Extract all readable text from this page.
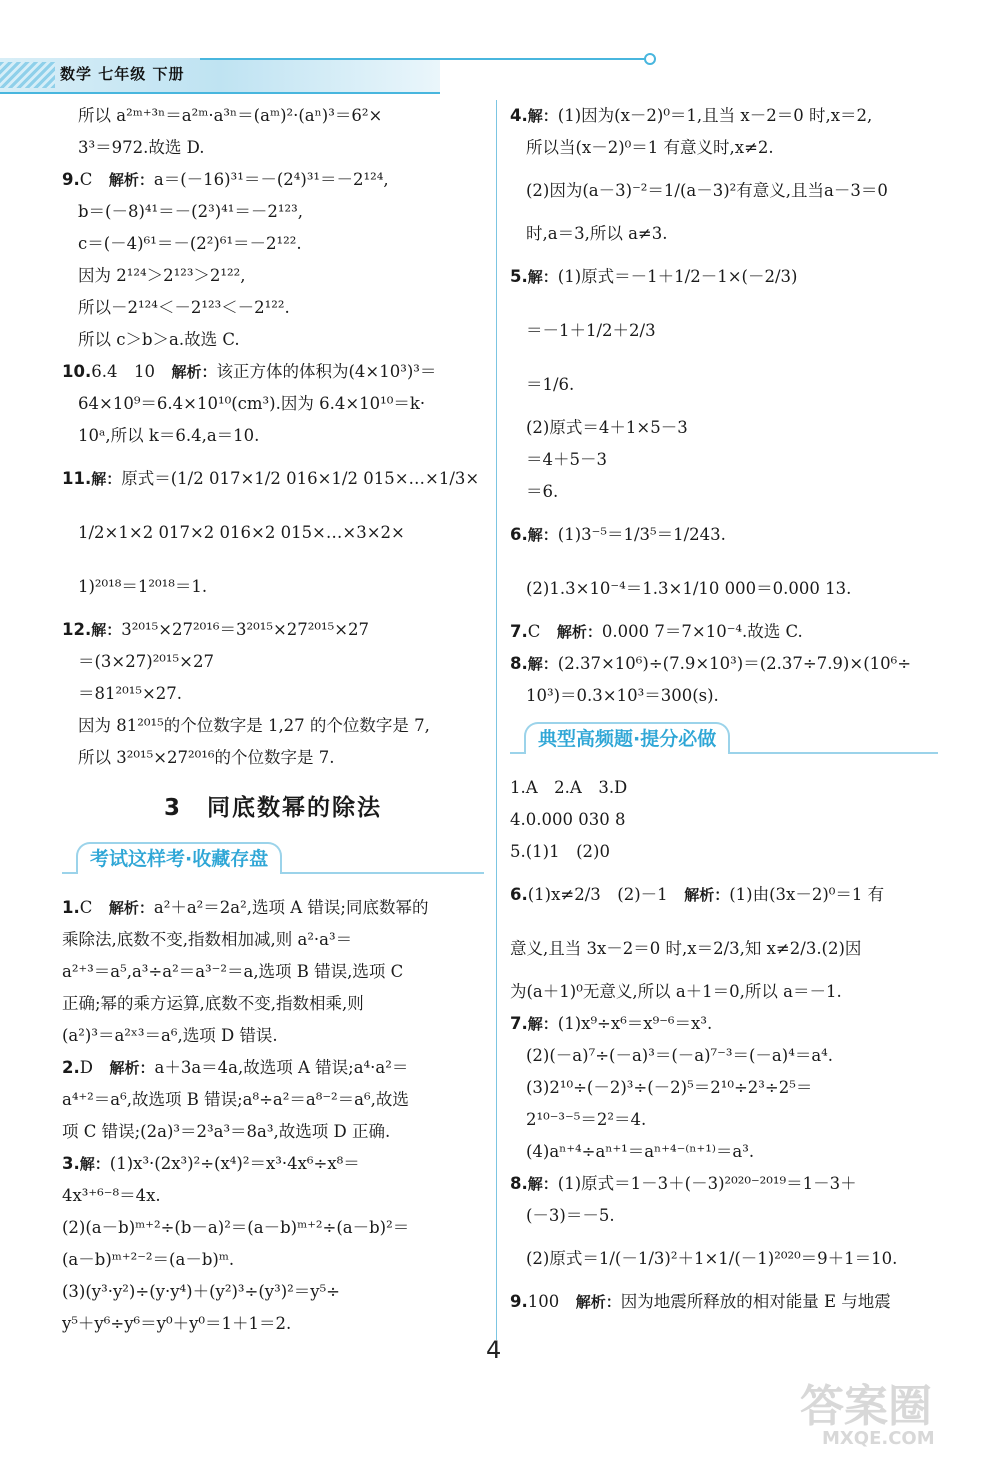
数学 七年级 下册

所以 a²ᵐ⁺³ⁿ＝a²ᵐ·a³ⁿ＝(aᵐ)²·(aⁿ)³＝6²×

3³＝972.故选 D.

9.C　 解析：a＝(－16)³¹＝－(2⁴)³¹＝－2¹²⁴,

b＝(－8)⁴¹＝－(2³)⁴¹＝－2¹²³,

c＝(－4)⁶¹＝－(2²)⁶¹＝－2¹²².

因为 2¹²⁴＞2¹²³＞2¹²²,

所以－2¹²⁴＜－2¹²³＜－2¹²².

所以 c＞b＞a.故选 C.

10.6.4　10　 解析：该正方体的体积为(4×10³)³＝

64×10⁹＝6.4×10¹⁰(cm³).因为 6.4×10¹⁰＝k·

10ᵃ,所以 k＝6.4,a＝10.

11.解：原式＝(1/2 017×1/2 016×1/2 015×…×1/3×

1/2×1×2 017×2 016×2 015×…×3×2×

1)²⁰¹⁸＝1²⁰¹⁸＝1.

12.解：3²⁰¹⁵×27²⁰¹⁶＝3²⁰¹⁵×27²⁰¹⁵×27

＝(3×27)²⁰¹⁵×27

＝81²⁰¹⁵×27.

因为 81²⁰¹⁵的个位数字是 1,27 的个位数字是 7,

所以 3²⁰¹⁵×27²⁰¹⁶的个位数字是 7.

3　同底数幂的除法
考试这样考·收藏存盘

1.C　 解析：a²＋a²＝2a²,选项 A 错误;同底数幂的

乘除法,底数不变,指数相加减,则 a²·a³＝

a²⁺³＝a⁵,a³÷a²＝a³⁻²＝a,选项 B 错误,选项 C

正确;幂的乘方运算,底数不变,指数相乘,则

(a²)³＝a²ˣ³＝a⁶,选项 D 错误.

2.D　 解析：a＋3a＝4a,故选项 A 错误;a⁴·a²＝

a⁴⁺²＝a⁶,故选项 B 错误;a⁸÷a²＝a⁸⁻²＝a⁶,故选

项 C 错误;(2a)³＝2³a³＝8a³,故选项 D 正确.

3.解：(1)x³·(2x³)²÷(x⁴)²＝x³·4x⁶÷x⁸＝

4x³⁺⁶⁻⁸＝4x.

(2)(a－b)ᵐ⁺²÷(b－a)²＝(a－b)ᵐ⁺²÷(a－b)²＝

(a－b)ᵐ⁺²⁻²＝(a－b)ᵐ.

(3)(y³·y²)÷(y·y⁴)＋(y²)³÷(y³)²＝y⁵÷

y⁵＋y⁶÷y⁶＝y⁰＋y⁰＝1＋1＝2.

4.解：(1)因为(x－2)⁰＝1,且当 x－2＝0 时,x＝2,

所以当(x－2)⁰＝1 有意义时,x≠2.

(2)因为(a－3)⁻²＝1/(a－3)²有意义,且当a－3＝0

时,a＝3,所以 a≠3.

5.解：(1)原式＝－1＋1/2－1×(－2/3)

＝－1＋1/2＋2/3

＝1/6.

(2)原式＝4＋1×5－3

＝4＋5－3

＝6.

6.解：(1)3⁻⁵＝1/3⁵＝1/243.

(2)1.3×10⁻⁴＝1.3×1/10 000＝0.000 13.

7.C　 解析：0.000 7＝7×10⁻⁴.故选 C.

8.解：(2.37×10⁶)÷(7.9×10³)＝(2.37÷7.9)×(10⁶÷

10³)＝0.3×10³＝300(s).

典型高频题·提分必做

1.A　2.A　3.D

4.0.000 030 8

5.(1)1　(2)0

6.(1)x≠2/3　(2)－1　 解析：(1)由(3x－2)⁰＝1 有

意义,且当 3x－2＝0 时,x＝2/3,知 x≠2/3.(2)因

为(a＋1)⁰无意义,所以 a＋1＝0,所以 a＝－1.

7.解：(1)x⁹÷x⁶＝x⁹⁻⁶＝x³.

(2)(－a)⁷÷(－a)³＝(－a)⁷⁻³＝(－a)⁴＝a⁴.

(3)2¹⁰÷(－2)³÷(－2)⁵＝2¹⁰÷2³÷2⁵＝

2¹⁰⁻³⁻⁵＝2²＝4.

(4)aⁿ⁺⁴÷aⁿ⁺¹＝aⁿ⁺⁴⁻⁽ⁿ⁺¹⁾＝a³.

8.解：(1)原式＝1－3＋(－3)²⁰²⁰⁻²⁰¹⁹＝1－3＋

(－3)＝－5.

(2)原式＝1/(－1/3)²＋1×1/(－1)²⁰²⁰＝9＋1＝10.

9.100　 解析：因为地震所释放的相对能量 E 与地震

4
答案圈
MXQE.COM
